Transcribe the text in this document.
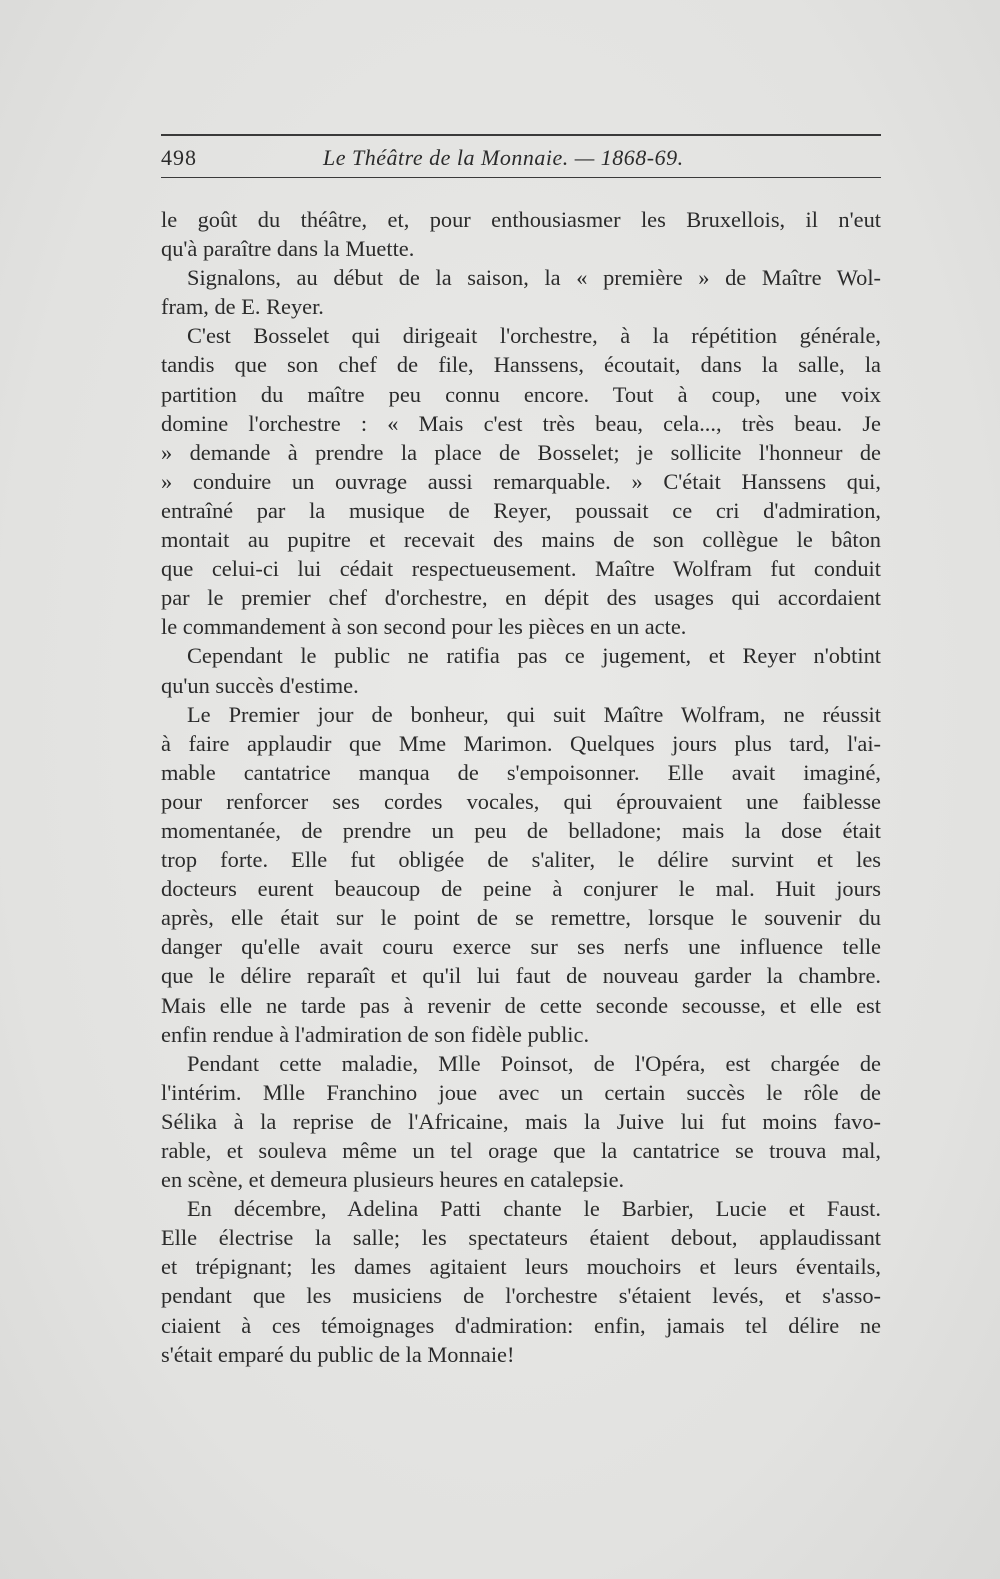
498	Le Théâtre de la Monnaie. — 1868-69.
le goût du théâtre, et, pour enthousiasmer les Bruxellois, il n'eut
qu'à paraître dans la Muette.
Signalons, au début de la saison, la « première » de Maître Wol-
fram, de E. Reyer.
C'est Bosselet qui dirigeait l'orchestre, à la répétition générale,
tandis que son chef de file, Hanssens, écoutait, dans la salle, la
partition du maître peu connu encore. Tout à coup, une voix
domine l'orchestre : « Mais c'est très beau, cela..., très beau. Je
» demande à prendre la place de Bosselet; je sollicite l'honneur de
» conduire un ouvrage aussi remarquable. » C'était Hanssens qui,
entraîné par la musique de Reyer, poussait ce cri d'admiration,
montait au pupitre et recevait des mains de son collègue le bâton
que celui-ci lui cédait respectueusement. Maître Wolfram fut conduit
par le premier chef d'orchestre, en dépit des usages qui accordaient
le commandement à son second pour les pièces en un acte.
Cependant le public ne ratifia pas ce jugement, et Reyer n'obtint
qu'un succès d'estime.
Le Premier jour de bonheur, qui suit Maître Wolfram, ne réussit
à faire applaudir que Mme Marimon. Quelques jours plus tard, l'ai-
mable cantatrice manqua de s'empoisonner. Elle avait imaginé,
pour renforcer ses cordes vocales, qui éprouvaient une faiblesse
momentanée, de prendre un peu de belladone; mais la dose était
trop forte. Elle fut obligée de s'aliter, le délire survint et les
docteurs eurent beaucoup de peine à conjurer le mal. Huit jours
après, elle était sur le point de se remettre, lorsque le souvenir du
danger qu'elle avait couru exerce sur ses nerfs une influence telle
que le délire reparaît et qu'il lui faut de nouveau garder la chambre.
Mais elle ne tarde pas à revenir de cette seconde secousse, et elle est
enfin rendue à l'admiration de son fidèle public.
Pendant cette maladie, Mlle Poinsot, de l'Opéra, est chargée de
l'intérim. Mlle Franchino joue avec un certain succès le rôle de
Sélika à la reprise de l'Africaine, mais la Juive lui fut moins favo-
rable, et souleva même un tel orage que la cantatrice se trouva mal,
en scène, et demeura plusieurs heures en catalepsie.
En décembre, Adelina Patti chante le Barbier, Lucie et Faust.
Elle électrise la salle; les spectateurs étaient debout, applaudissant
et trépignant; les dames agitaient leurs mouchoirs et leurs éventails,
pendant que les musiciens de l'orchestre s'étaient levés, et s'asso-
ciaient à ces témoignages d'admiration: enfin, jamais tel délire ne
s'était emparé du public de la Monnaie!
